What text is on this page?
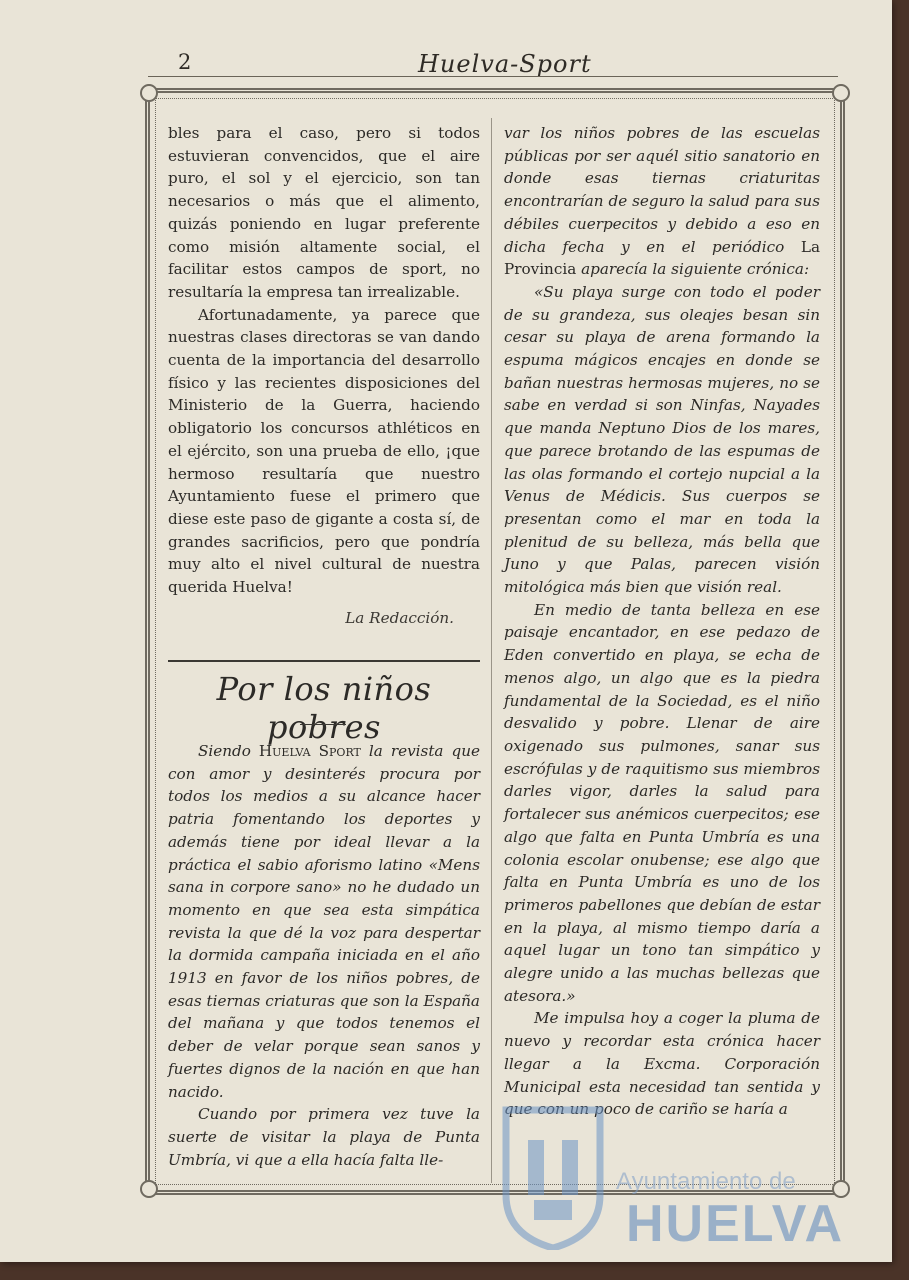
2	Huelva-Sport

bles para el caso, pero si todos estuvieran convencidos, que el aire puro, el sol y el ejercicio, son tan necesarios o más que el alimento, quizás poniendo en lugar preferente como misión altamente social, el facilitar estos campos de sport, no resultaría la empresa tan irrealizable.

Afortunadamente, ya parece que nuestras clases directoras se van dando cuenta de la importancia del desarrollo físico y las recientes disposiciones del Ministerio de la Guerra, haciendo obligatorio los concursos athléticos en el ejército, son una prueba de ello, ¡que hermoso resultaría que nuestro Ayuntamiento fuese el primero que diese este paso de gigante a costa sí, de grandes sacrificios, pero que pondría muy alto el nivel cultural de nuestra querida Huelva!

La Redacción.

Por los niños pobres

Siendo Huelva Sport la revista que con amor y desinterés procura por todos los medios a su alcance hacer patria fomentando los deportes y además tiene por ideal llevar a la práctica el sabio aforismo latino «Mens sana in corpore sano» no he dudado un momento en que sea esta simpática revista la que dé la voz para despertar la dormida campaña iniciada en el año 1913 en favor de los niños pobres, de esas tiernas criaturas que son la España del mañana y que todos tenemos el deber de velar porque sean sanos y fuertes dignos de la nación en que han nacido.

Cuando por primera vez tuve la suerte de visitar la playa de Punta Umbría, vi que a ella hacía falta lle-

var los niños pobres de las escuelas públicas por ser aquél sitio sanatorio en donde esas tiernas criaturitas encontrarían de seguro la salud para sus débiles cuerpecitos y debido a eso en dicha fecha y en el periódico La Provincia aparecía la siguiente crónica:

«Su playa surge con todo el poder de su grandeza, sus oleajes besan sin cesar su playa de arena formando la espuma mágicos encajes en donde se bañan nuestras hermosas mujeres, no se sabe en verdad si son Ninfas, Nayades que manda Neptuno Dios de los mares, que parece brotando de las espumas de las olas formando el cortejo nupcial a la Venus de Médicis. Sus cuerpos se presentan como el mar en toda la plenitud de su belleza, más bella que Juno y que Palas, parecen visión mitológica más bien que visión real.

En medio de tanta belleza en ese paisaje encantador, en ese pedazo de Eden convertido en playa, se echa de menos algo, un algo que es la piedra fundamental de la Sociedad, es el niño desvalido y pobre. Llenar de aire oxigenado sus pulmones, sanar sus escrófulas y de raquitismo sus miembros darles vigor, darles la salud para fortalecer sus anémicos cuerpecitos; ese algo que falta en Punta Umbría es una colonia escolar onubense; ese algo que falta en Punta Umbría es uno de los primeros pabellones que debían de estar en la playa, al mismo tiempo daría a aquel lugar un tono tan simpático y alegre unido a las muchas bellezas que atesora.»

Me impulsa hoy a coger la pluma de nuevo y recordar esta crónica hacer llegar a la Excma. Corporación Municipal esta necesidad tan sentida y que con un poco de cariño se haría a

Ayuntamiento de
HUELVA
